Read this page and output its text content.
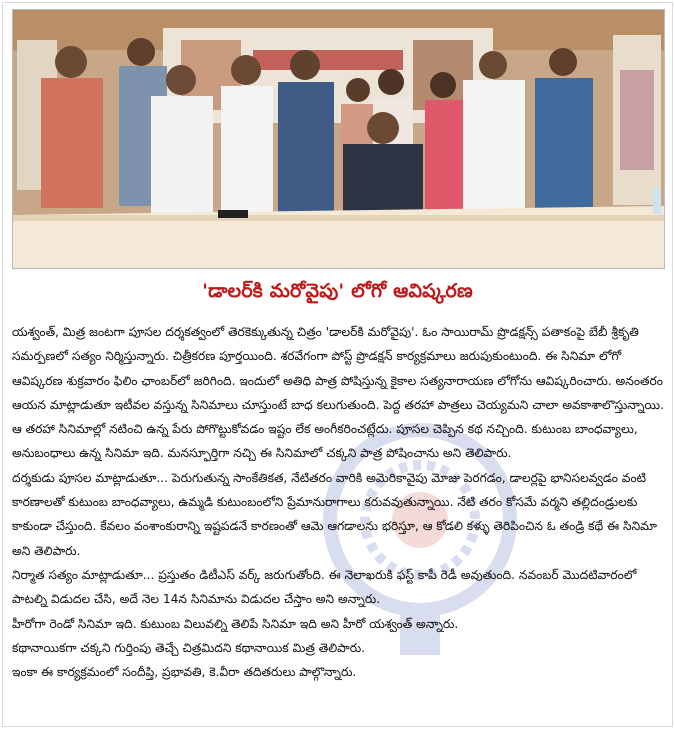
'డాలర్‌కి మరోవైపు' లోగో ఆవిష్కరణ

యశ్వంత్, మిత్ర జంటగా పూసల దర్శకత్వంలో తెరకెక్కుతున్న చిత్రం 'డాలర్‌కి మరోవైపు'. ఓం సాయిరామ్ ప్రొడక్షన్స్ పతాకంపై బేబీ శ్రీకృతి సమర్పణలో సత్యం నిర్మిస్తున్నారు. చిత్రీకరణ పూర్తయింది. శరవేగంగా పోస్ట్ ప్రొడక్షన్ కార్యక్రమాలు జరుపుకుంటుంది. ఈ సినిమా లోగో ఆవిష్కరణ శుక్రవారం ఫిలిం ఛాంబర్‌లో జరిగింది. ఇందులో అతిధి పాత్ర పోషిస్తున్న కైకాల సత్యనారాయణ లోగోను ఆవిష్కరించారు. అనంతరం ఆయన మాట్లాడుతూ ఇటీవల వస్తున్న సినిమాలు చూస్తుంటే బాధ కలుగుతుంది. పెద్ద తరహా పాత్రలు చెయ్యమని చాలా అవకాశాలొస్తున్నాయి. ఆ తరహా సినిమాల్లో నటించి ఉన్న పేరు పోగొట్టుకోవడం ఇష్టం లేక అంగీకరించట్లేదు. పూసల చెప్పిన కథ నచ్చింది. కుటుంబ బాంధవ్యాలు, అనుబంధాలు ఉన్న సినిమా ఇది. మనస్ఫూర్తిగా నచ్చి ఈ సినిమాలో చక్కని పాత్ర పోషించాను అని తెలిపారు.

దర్శకుడు పూసల మాట్లాడుతూ... పెరుగుతున్న సాంకేతికత, నేటితరం వారికి అమెరికావైపు మోజు పెరగడం, డాలర్లపై భానిసలవ్వడం వంటి కారణాలతో కుటుంబ బాంధవ్యాలు, ఉమ్మడి కుటుంబంలోని ప్రేమానురాగాలు కరువవుతున్నాయి. నేటి తరం కోసమే వర్మని తల్లిదండ్రులకు కాకుండా చేస్తుంది. కేవలం వంశాంకురాన్ని ఇష్టపడనే కారణంతో ఆమె ఆగడాలను భరిస్తూ, ఆ కోడలి కళ్ళు తెరిపించిన ఓ తండ్రి కథే ఈ సినిమా అని తెలిపారు.

నిర్మాత సత్యం మాట్లాడుతూ... ప్రస్తుతం డిటీఎస్ వర్క్ జరుగుతోంది. ఈ నెలాఖరుకి ఫస్ట్ కాపీ రెడీ అవుతుంది. నవంబర్ మొదటివారంలో పాటల్ని విడుదల చేసి, అదే నెల 14న సినిమాను విడుదల చేస్తాం అని అన్నారు.

హీరోగా రెండో సినిమా ఇది. కుటుంబ విలువల్ని తెలిపే సినిమా ఇది అని హీరో యశ్వంత్ అన్నారు.

కథానాయికగా చక్కని గుర్తింపు తెచ్చే చిత్రమిదని కథానాయిక మిత్ర తెలిపారు.

ఇంకా ఈ కార్యక్రమంలో సందీప్తి, ప్రభావతి, కె.వీరా తదితరులు పాల్గొన్నారు.
